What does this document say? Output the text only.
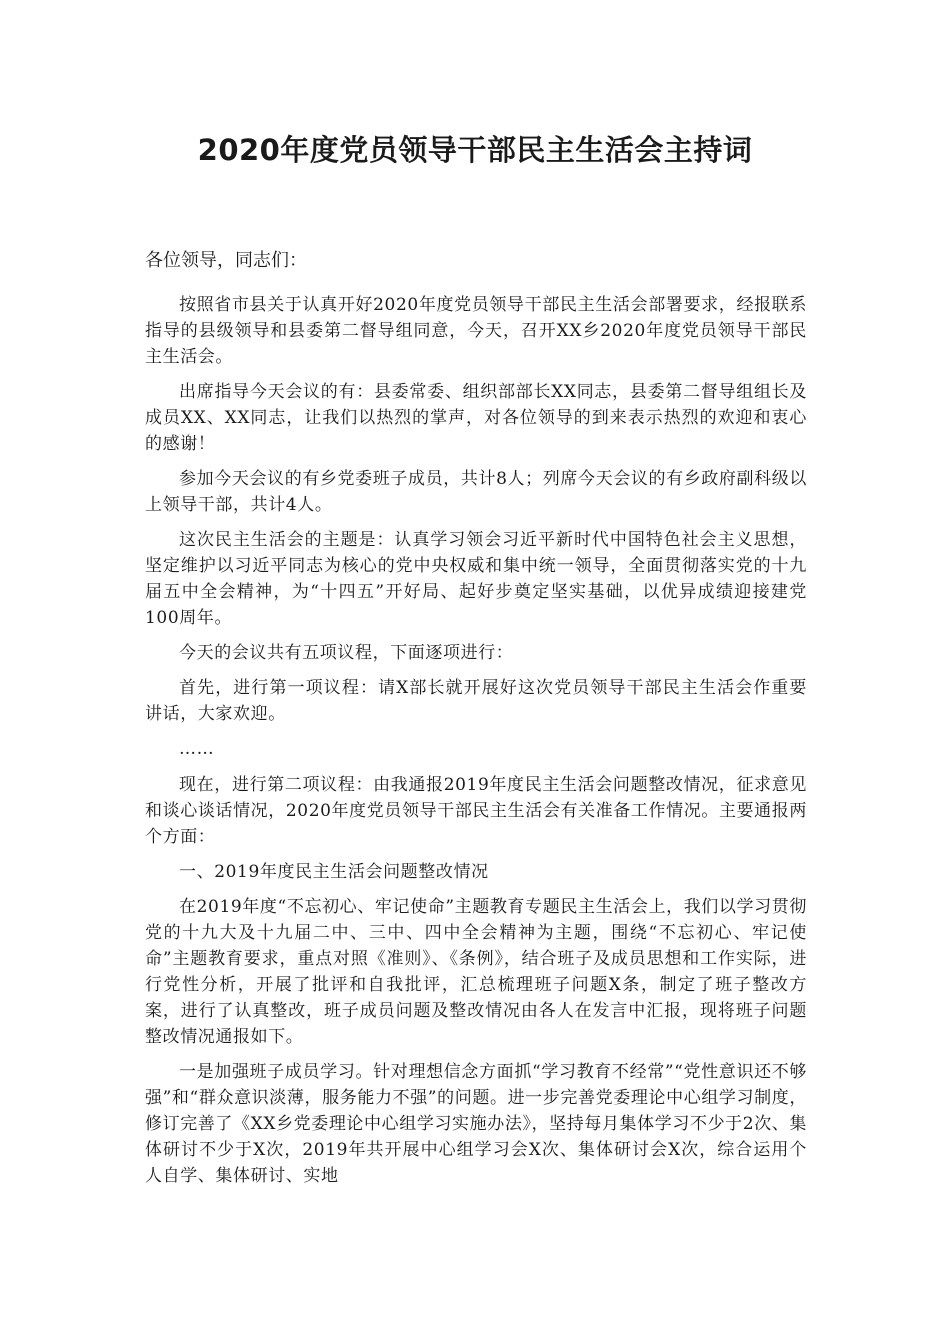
2020年度党员领导干部民主生活会主持词

各位领导，同志们：

按照省市县关于认真开好2020年度党员领导干部民主生活会部署要求，经报联系指导的县级领导和县委第二督导组同意，今天，召开XX乡2020年度党员领导干部民主生活会。

出席指导今天会议的有：县委常委、组织部部长XX同志，县委第二督导组组长及成员XX、XX同志，让我们以热烈的掌声，对各位领导的到来表示热烈的欢迎和衷心的感谢！

参加今天会议的有乡党委班子成员，共计8人；列席今天会议的有乡政府副科级以上领导干部，共计4人。

这次民主生活会的主题是：认真学习领会习近平新时代中国特色社会主义思想，坚定维护以习近平同志为核心的党中央权威和集中统一领导，全面贯彻落实党的十九届五中全会精神，为“十四五”开好局、起好步奠定坚实基础，以优异成绩迎接建党100周年。

今天的会议共有五项议程，下面逐项进行：

首先，进行第一项议程：请X部长就开展好这次党员领导干部民主生活会作重要讲话，大家欢迎。

……

现在，进行第二项议程：由我通报2019年度民主生活会问题整改情况，征求意见和谈心谈话情况，2020年度党员领导干部民主生活会有关准备工作情况。主要通报两个方面：

一、2019年度民主生活会问题整改情况

在2019年度“不忘初心、牢记使命”主题教育专题民主生活会上，我们以学习贯彻党的十九大及十九届二中、三中、四中全会精神为主题，围绕“不忘初心、牢记使命”主题教育要求，重点对照《准则》、《条例》，结合班子及成员思想和工作实际，进行党性分析，开展了批评和自我批评，汇总梳理班子问题X条，制定了班子整改方案，进行了认真整改，班子成员问题及整改情况由各人在发言中汇报，现将班子问题整改情况通报如下。

一是加强班子成员学习。针对理想信念方面抓“学习教育不经常”“党性意识还不够强”和“群众意识淡薄，服务能力不强”的问题。进一步完善党委理论中心组学习制度，修订完善了《XX乡党委理论中心组学习实施办法》，坚持每月集体学习不少于2次、集体研讨不少于X次，2019年共开展中心组学习会X次、集体研讨会X次，综合运用个人自学、集体研讨、实地
